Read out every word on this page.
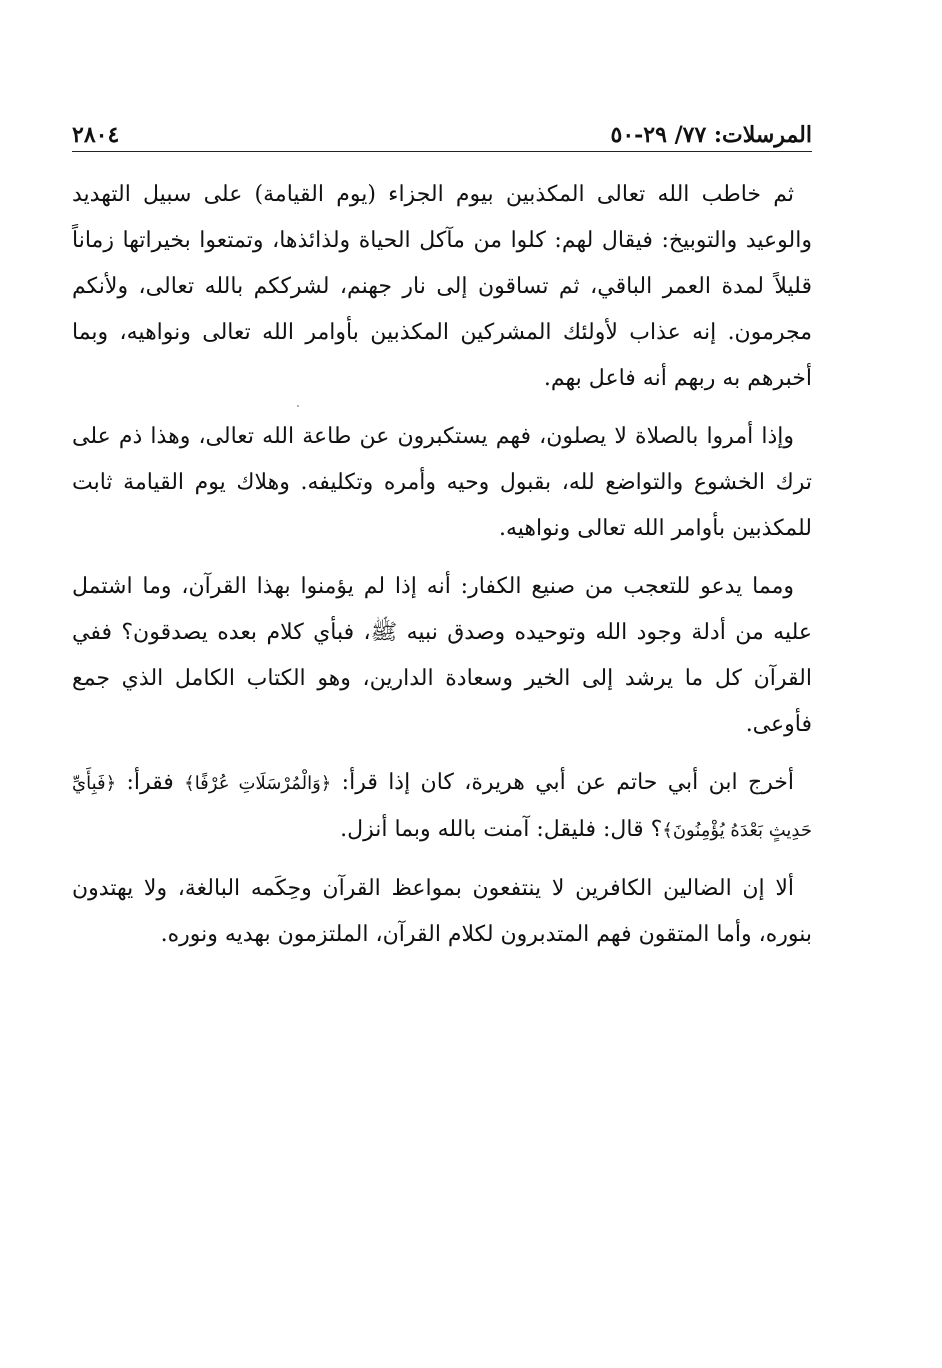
المرسلات: ٧٧/ ٢٩-٥٠
٢٨٠٤

ثم خاطب الله تعالى المكذبين بيوم الجزاء (يوم القيامة) على سبيل التهديد والوعيد والتوبيخ: فيقال لهم: كلوا من مآكل الحياة ولذائذها، وتمتعوا بخيراتها زماناً قليلاً لمدة العمر الباقي، ثم تساقون إلى نار جهنم، لشرككم بالله تعالى، ولأنكم مجرمون. إنه عذاب لأولئك المشركين المكذبين بأوامر الله تعالى ونواهيه، وبما أخبرهم به ربهم أنه فاعل بهم.

وإذا أمروا بالصلاة لا يصلون، فهم يستكبرون عن طاعة الله تعالى، وهذا ذم على ترك الخشوع والتواضع لله، بقبول وحيه وأمره وتكليفه. وهلاك يوم القيامة ثابت للمكذبين بأوامر الله تعالى ونواهيه.

ومما يدعو للتعجب من صنيع الكفار: أنه إذا لم يؤمنوا بهذا القرآن، وما اشتمل عليه من أدلة وجود الله وتوحيده وصدق نبيه ﷺ، فبأي كلام بعده يصدقون؟ ففي القرآن كل ما يرشد إلى الخير وسعادة الدارين، وهو الكتاب الكامل الذي جمع فأوعى.

أخرج ابن أبي حاتم عن أبي هريرة، كان إذا قرأ: ﴿وَالْمُرْسَلَاتِ عُرْفًا﴾ فقرأ: ﴿فَبِأَيِّ حَدِيثٍ بَعْدَهُ يُؤْمِنُونَ﴾؟ قال: فليقل: آمنت بالله وبما أنزل.

ألا إن الضالين الكافرين لا ينتفعون بمواعظ القرآن وحِكَمه البالغة، ولا يهتدون بنوره، وأما المتقون فهم المتدبرون لكلام القرآن، الملتزمون بهديه ونوره.
